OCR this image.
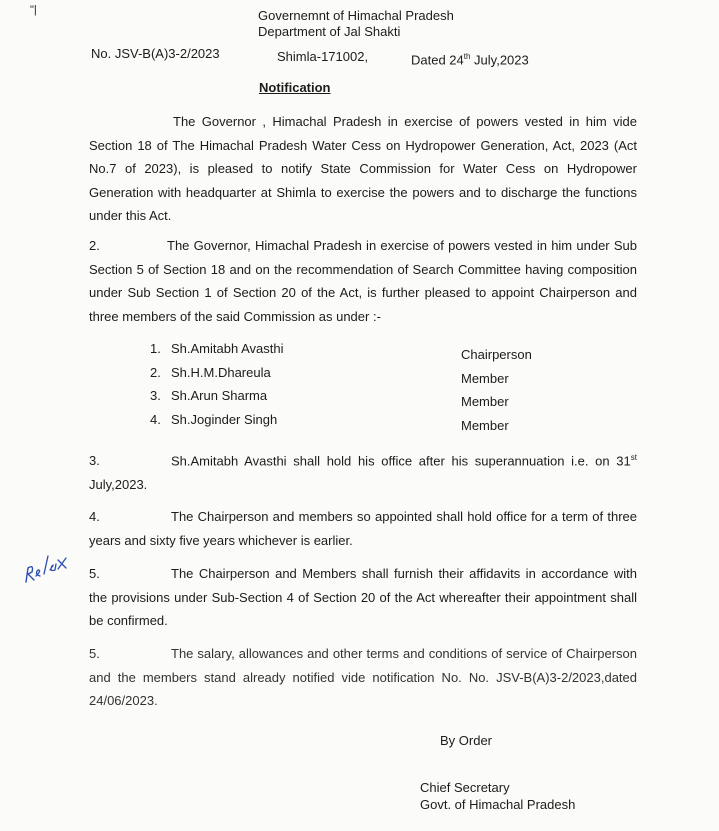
"|	Governemnt of Himachal Pradesh
Department of Jal Shakti
No. JSV-B(A)3-2/2023	Shimla-171002,	Dated 24th July,2023
Notification

The Governor , Himachal Pradesh in exercise of powers vested in him vide Section 18 of The Himachal Pradesh Water Cess on Hydropower Generation, Act, 2023 (Act No.7 of 2023), is pleased to notify State Commission for Water Cess on Hydropower Generation with headquarter at Shimla to exercise the powers and to discharge the functions under this Act.

2.	The Governor, Himachal Pradesh in exercise of powers vested in him under Sub Section 5 of Section 18 and on the recommendation of Search Committee having composition under Sub Section 1 of Section 20 of the Act, is further pleased to appoint Chairperson and three members of the said Commission as under :-

1. Sh.Amitabh Avasthi	Chairperson
2. Sh.H.M.Dhareula	Member
3. Sh.Arun Sharma	Member
4. Sh.Joginder Singh	Member

3.	Sh.Amitabh Avasthi shall hold his office after his superannuation i.e. on 31st July,2023.

4.	The Chairperson and members so appointed shall hold office for a term of three years and sixty five years whichever is earlier.

5.	The Chairperson and Members shall furnish their affidavits in accordance with the provisions under Sub-Section 4 of Section 20 of the Act whereafter their appointment shall be confirmed.

5.	The salary, allowances and other terms and conditions of service of Chairperson and the members stand already notified vide notification No. No. JSV-B(A)3-2/2023,dated 24/06/2023.

By Order
Chief Secretary
Govt. of Himachal Pradesh
